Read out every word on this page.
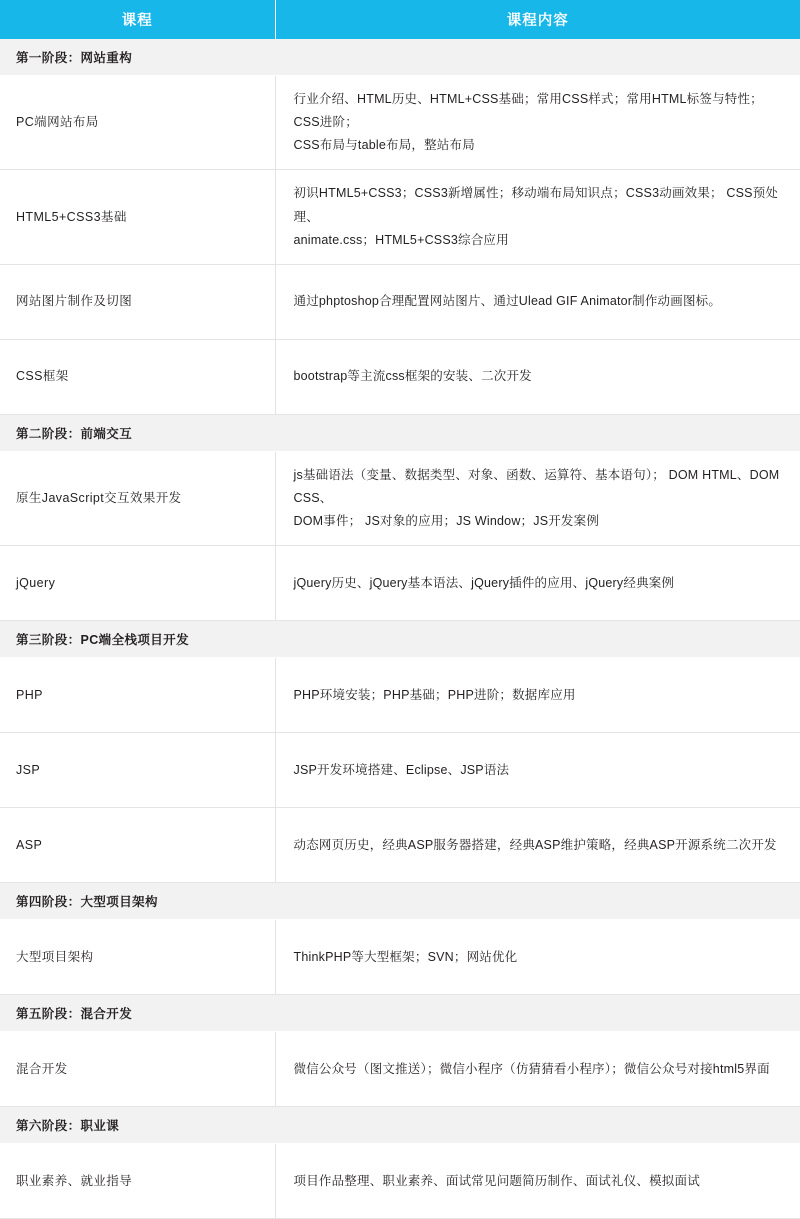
课程	课程内容
第一阶段：网站重构	
PC端网站布局	行业介绍、HTML历史、HTML+CSS基础；常用CSS样式；常用HTML标签与特性；CSS进阶；
CSS布局与table布局，整站布局

HTML5+CSS3基础	初识HTML5+CSS3；CSS3新增属性；移动端布局知识点；CSS3动画效果； CSS预处理、
animate.css；HTML5+CSS3综合应用

网站图片制作及切图	通过phptoshop合理配置网站图片、通过Ulead GIF Animator制作动画图标。

CSS框架	bootstrap等主流css框架的安装、二次开发

第二阶段：前端交互	
原生JavaScript交互效果开发	js基础语法（变量、数据类型、对象、函数、运算符、基本语句）； DOM HTML、DOM CSS、
DOM事件； JS对象的应用；JS Window；JS开发案例

jQuery	jQuery历史、jQuery基本语法、jQuery插件的应用、jQuery经典案例

第三阶段：PC端全栈项目开发	
PHP	PHP环境安装；PHP基础；PHP进阶；数据库应用

JSP	JSP开发环境搭建、Eclipse、JSP语法

ASP	动态网页历史，经典ASP服务器搭建，经典ASP维护策略，经典ASP开源系统二次开发

第四阶段：大型项目架构	
大型项目架构	ThinkPHP等大型框架；SVN；网站优化

第五阶段：混合开发	
混合开发	微信公众号（图文推送）；微信小程序（仿猜猜看小程序）；微信公众号对接html5界面

第六阶段：职业课	
职业素养、就业指导	项目作品整理、职业素养、面试常见问题简历制作、面试礼仪、模拟面试
